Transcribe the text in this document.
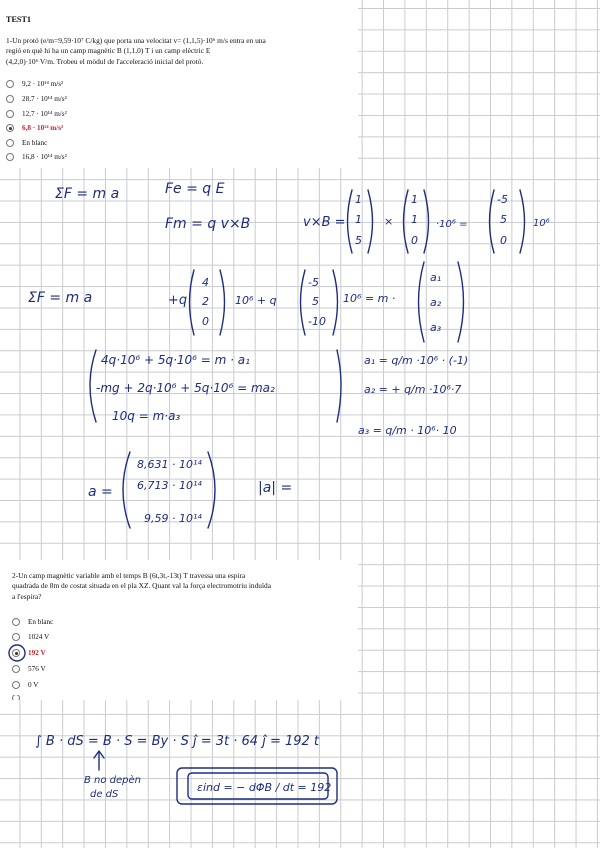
TEST1
1-Un protó (e/m=9,59·10⁷ C/kg) que porta una velocitat v= (1,1,5)·10⁶ m/s entra en una
regió en què hi ha un camp magnètic B (1,1,0) T i un camp elèctric E
(4,2,0)·10⁶ V/m. Trobeu el mòdul de l'acceleració inicial del protó.
9,2 · 10¹⁴ m/s²
28,7 · 10¹⁴ m/s²
12,7 · 10¹⁴ m/s²
6,8 · 10¹⁴ m/s²
En blanc
16,8 · 10¹⁴ m/s²
2-Un camp magnètic variable amb el temps B (6t,3t,-13t) T travessa una espira
quadrada de 8m de costat situada en el pla XZ. Quant val la força electromotriu induïda
a l'espira?
En blanc
1024 V
192 V
576 V
0 V
ΣF = m a	Fe = q E
Fm = q v×B	v×B =
1
1
5
×
1
1
0
·10⁶ =
-5
5
0
10⁶
ΣF = m a	+q
4
2
0
10⁶ + q
-5
5
-10
10⁶ = m ·
a₁
a₂
a₃
4q·10⁶ + 5q·10⁶ = m · a₁
-mg + 2q·10⁶ + 5q·10⁶ = ma₂
10q = m·a₃
a₁ = q/m ·10⁶ · (-1)
a₂ = + q/m ·10⁶·7
a₃ = q/m · 10⁶· 10
a =
8,631 · 10¹⁴
6,713 · 10¹⁴
9,59 · 10¹⁴
|a| =
∫ B · dS = B · S = By · S ĵ = 3t · 64 ĵ = 192 t
B no depèn
de dS
εind = − dΦB / dt = 192
